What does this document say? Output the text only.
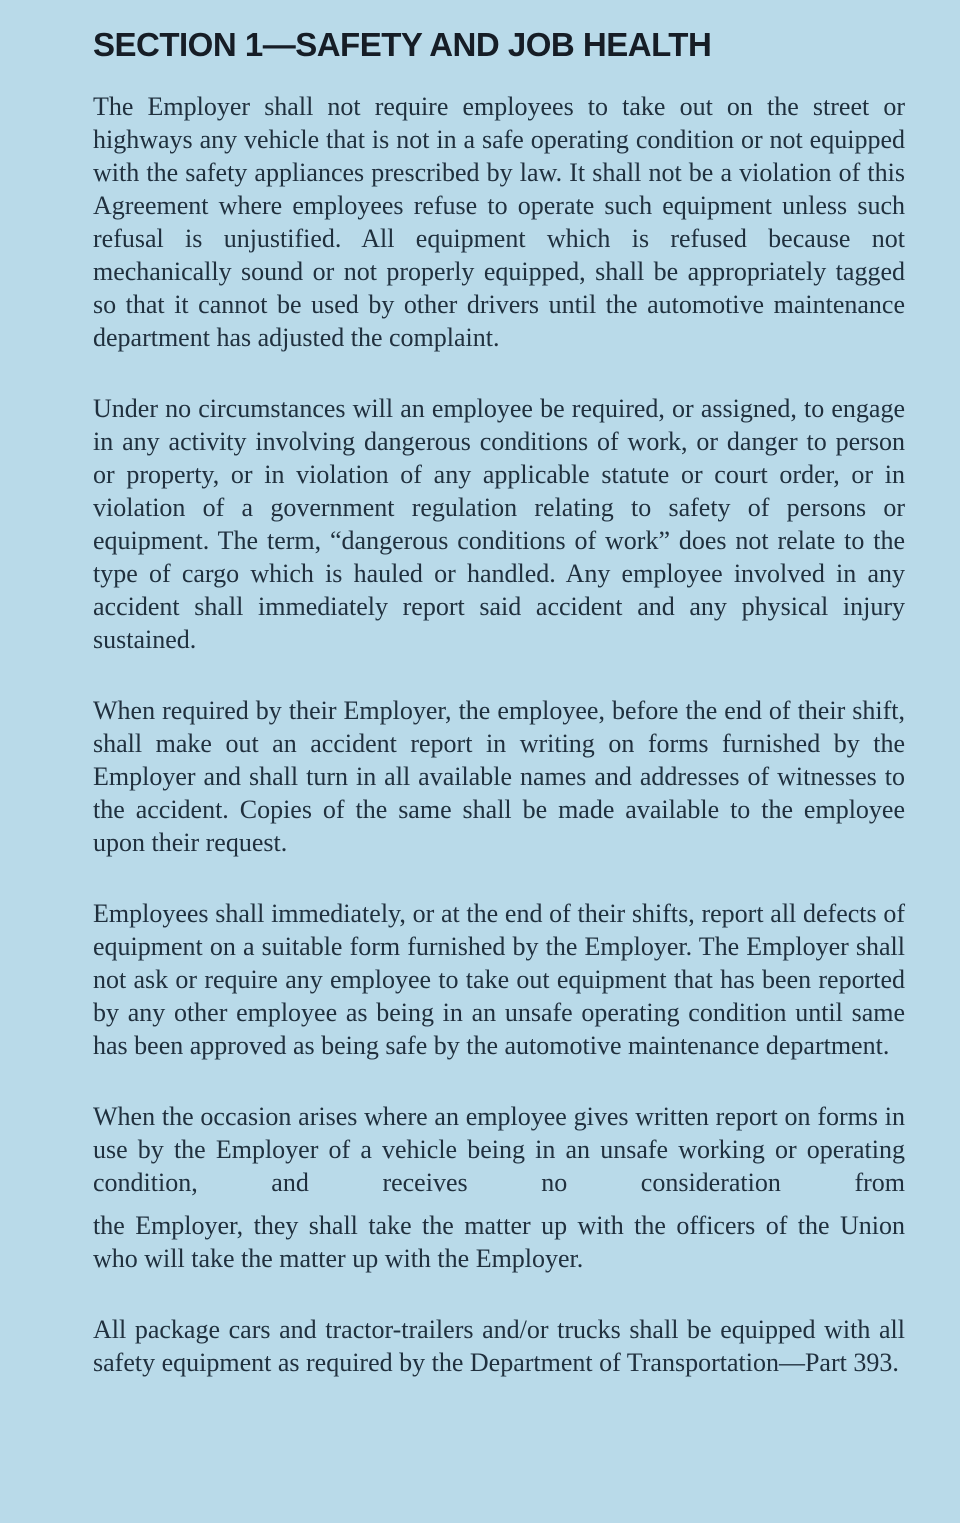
SECTION 1—SAFETY AND JOB HEALTH

The Employer shall not require employees to take out on the street or highways any vehicle that is not in a safe operating condition or not equipped with the safety appliances prescribed by law. It shall not be a violation of this Agreement where employees refuse to operate such equipment unless such refusal is unjustified. All equipment which is refused because not mechanically sound or not properly equipped, shall be appropriately tagged so that it cannot be used by other drivers until the automotive maintenance department has adjusted the complaint.

Under no circumstances will an employee be required, or assigned, to engage in any activity involving dangerous conditions of work, or danger to person or property, or in violation of any applicable statute or court order, or in violation of a government regulation relating to safety of persons or equipment. The term, “dangerous conditions of work” does not relate to the type of cargo which is hauled or handled. Any employee involved in any accident shall immediately report said accident and any physical injury sustained.

When required by their Employer, the employee, before the end of their shift, shall make out an accident report in writing on forms furnished by the Employer and shall turn in all available names and addresses of witnesses to the accident. Copies of the same shall be made available to the employee upon their request.

Employees shall immediately, or at the end of their shifts, report all defects of equipment on a suitable form furnished by the Employer. The Employer shall not ask or require any employee to take out equipment that has been reported by any other employee as being in an unsafe operating condition until same has been approved as being safe by the automotive maintenance department.

When the occasion arises where an employee gives written report on forms in use by the Employer of a vehicle being in an unsafe working or operating condition, and receives no consideration from

the Employer, they shall take the matter up with the officers of the Union who will take the matter up with the Employer.

All package cars and tractor-trailers and/or trucks shall be equipped with all safety equipment as required by the Department of Transportation—Part 393.
